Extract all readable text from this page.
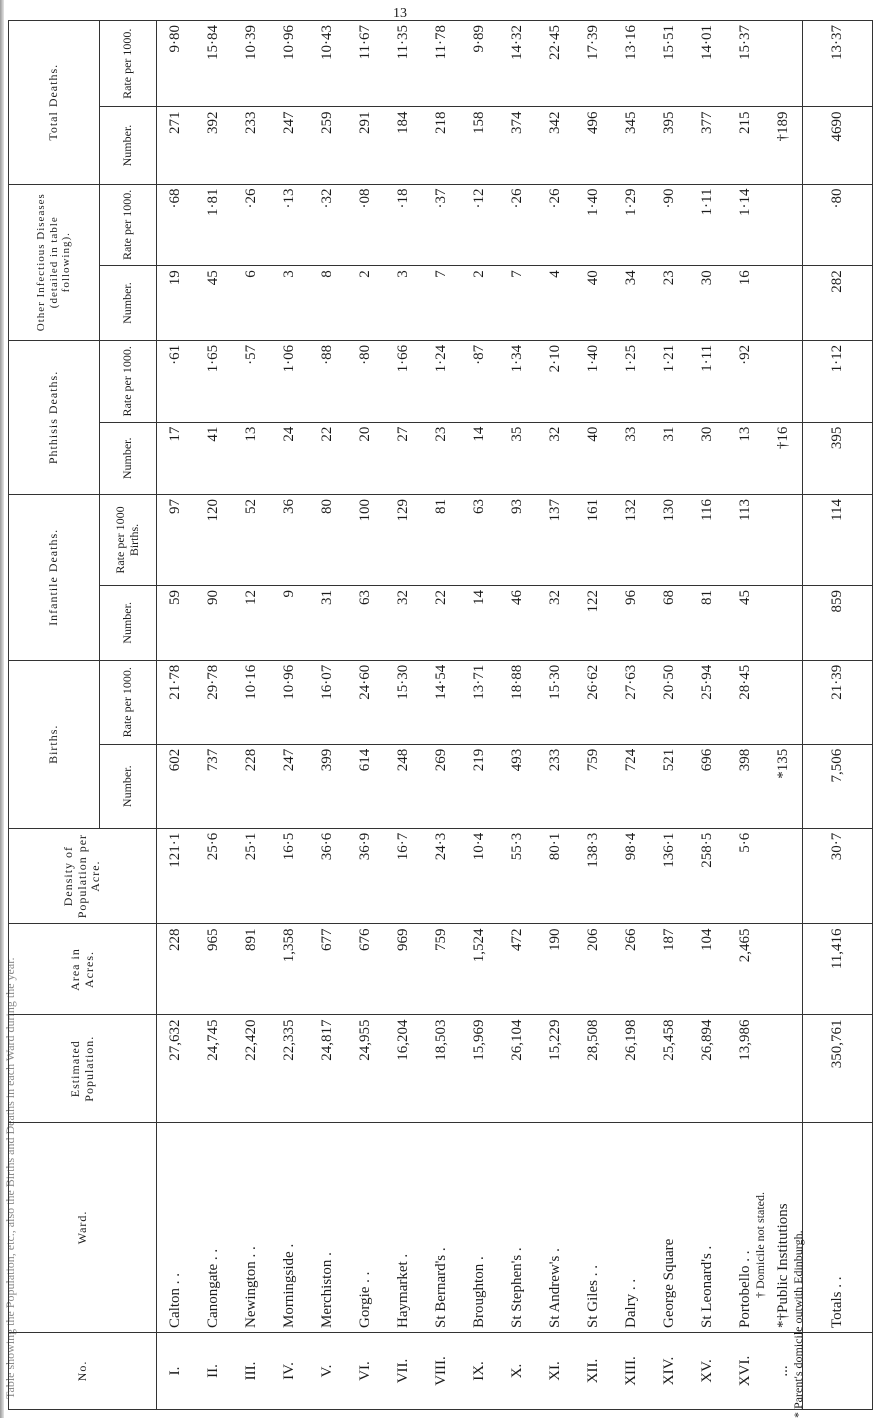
13
Table showing the Population, etc., also the Births and Deaths in each Ward during the year.	No.	Ward.	Estimated Population.	Area in Acres.	Density of Population per Acre.	Births.		Infantile Deaths.		Phthisis Deaths.		Other Infectious Diseases (detailed in table following).		Total Deaths.	
					Number.	Rate per 1000.	Number.	Rate per 1000 Births.	Number.	Rate per 1000.	Number.	Rate per 1000.	Number.	Rate per 1000.
I.	Calton . .	27,632	228	121·1	602	21·78	59	97	17	·61	19	·68	271	9·80
II.	Canongate . .	24,745	965	25·6	737	29·78	90	120	41	1·65	45	1·81	392	15·84
III.	Newington . .	22,420	891	25·1	228	10·16	12	52	13	·57	6	·26	233	10·39
IV.	Morningside .	22,335	1,358	16·5	247	10·96	9	36	24	1·06	3	·13	247	10·96
V.	Merchiston .	24,817	677	36·6	399	16·07	31	80	22	·88	8	·32	259	10·43
VI.	Gorgie . .	24,955	676	36·9	614	24·60	63	100	20	·80	2	·08	291	11·67
VII.	Haymarket .	16,204	969	16·7	248	15·30	32	129	27	1·66	3	·18	184	11·35
VIII.	St Bernard's .	18,503	759	24·3	269	14·54	22	81	23	1·24	7	·37	218	11·78
IX.	Broughton .	15,969	1,524	10·4	219	13·71	14	63	14	·87	2	·12	158	9·89
X.	St Stephen's .	26,104	472	55·3	493	18·88	46	93	35	1·34	7	·26	374	14·32
XI.	St Andrew's .	15,229	190	80·1	233	15·30	32	137	32	2·10	4	·26	342	22·45
XII.	St Giles . .	28,508	206	138·3	759	26·62	122	161	40	1·40	40	1·40	496	17·39
XIII.	Dalry . .	26,198	266	98·4	724	27·63	96	132	33	1·25	34	1·29	345	13·16
XIV.	George Square	25,458	187	136·1	521	20·50	68	130	31	1·21	23	·90	395	15·51
XV.	St Leonard's .	26,894	104	258·5	696	25·94	81	116	30	1·11	30	1·11	377	14·01
XVI.	Portobello . .	13,986	2,465	5·6	398	28·45	45	113	13	·92	16	1·14	215	15·37
...	*†Public Institutions				*135				†16				†189	
	Totals . .	350,761	11,416	30·7	7,506	21·39	859	114	395	1·12	282	·80	4690	13·37
† Domicile not stated. * Parent's domicile outwith Edinburgh.
